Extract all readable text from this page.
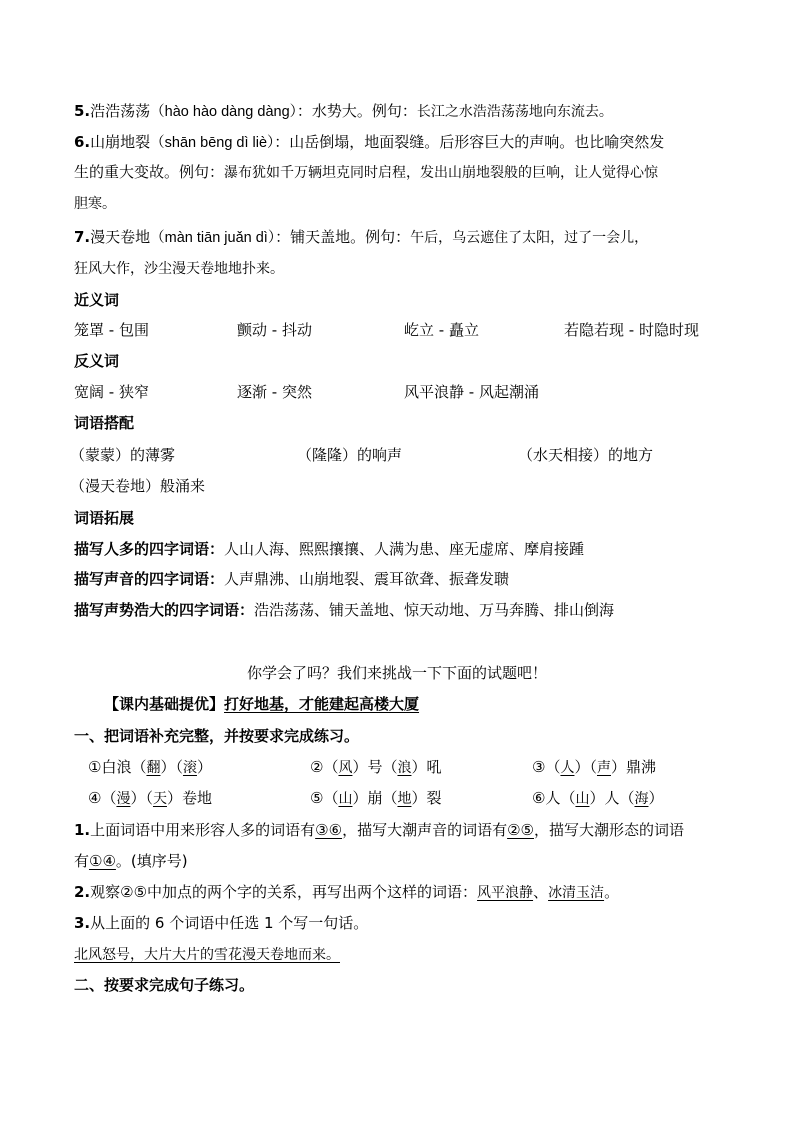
5.浩浩荡荡（hào hào dàng dàng）：水势大。例句：长江之水浩浩荡荡地向东流去。
6.山崩地裂（shān bēng dì liè）：山岳倒塌，地面裂缝。后形容巨大的声响。也比喻突然发
生的重大变故。例句：瀑布犹如千万辆坦克同时启程，发出山崩地裂般的巨响，让人觉得心惊
胆寒。
7.漫天卷地（màn tiān juǎn dì）：铺天盖地。例句：午后，乌云遮住了太阳，过了一会儿，
狂风大作，沙尘漫天卷地地扑来。
近义词
笼罩 - 包围	颤动 - 抖动	屹立 - 矗立	若隐若现 - 时隐时现
反义词
宽阔 - 狭窄	逐渐 - 突然	风平浪静 - 风起潮涌
词语搭配
（蒙蒙）的薄雾	（隆隆）的响声	（水天相接）的地方
（漫天卷地）般涌来
词语拓展
描写人多的四字词语：人山人海、熙熙攘攘、人满为患、座无虚席、摩肩接踵
描写声音的四字词语：人声鼎沸、山崩地裂、震耳欲聋、振聋发聩
描写声势浩大的四字词语：浩浩荡荡、铺天盖地、惊天动地、万马奔腾、排山倒海
你学会了吗？我们来挑战一下下面的试题吧！
【课内基础提优】打好地基，才能建起高楼大厦
一、把词语补充完整，并按要求完成练习。
①白浪（翻）（滚）	②（风）号（浪）吼	③（人）（声）鼎沸
④（漫）（天）卷地	⑤（山）崩（地）裂	⑥人（山）人（海）
1.上面词语中用来形容人多的词语有③⑥，描写大潮声音的词语有②⑤，描写大潮形态的词语
有①④。(填序号)
2.观察②⑤中加点的两个字的关系，再写出两个这样的词语：风平浪静、冰清玉洁。
3.从上面的 6 个词语中任选 1 个写一句话。
北风怒号，大片大片的雪花漫天卷地而来。
二、按要求完成句子练习。
